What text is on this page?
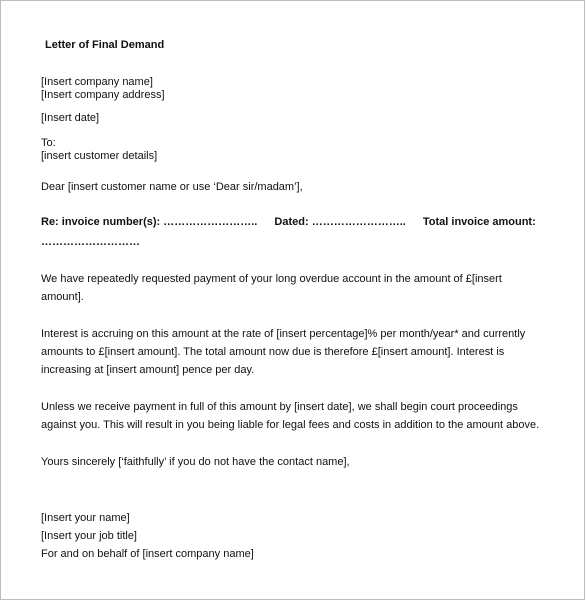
Letter of Final Demand
[Insert company name]
[Insert company address]
[Insert date]
To:
[insert customer details]
Dear [insert customer name or use ‘Dear sir/madam’],
Re: invoice number(s): …………………….. Dated: …………………….. Total invoice amount:
………………………
We have repeatedly requested payment of your long overdue account in the amount of £[insert
amount].
Interest is accruing on this amount at the rate of [insert percentage]% per month/year* and currently
amounts to £[insert amount]. The total amount now due is therefore £[insert amount]. Interest is
increasing at [insert amount] pence per day.
Unless we receive payment in full of this amount by [insert date], we shall begin court proceedings
against you. This will result in you being liable for legal fees and costs in addition to the amount above.
Yours sincerely [‘faithfully’ if you do not have the contact name],
[Insert your name]
[Insert your job title]
For and on behalf of [insert company name]
